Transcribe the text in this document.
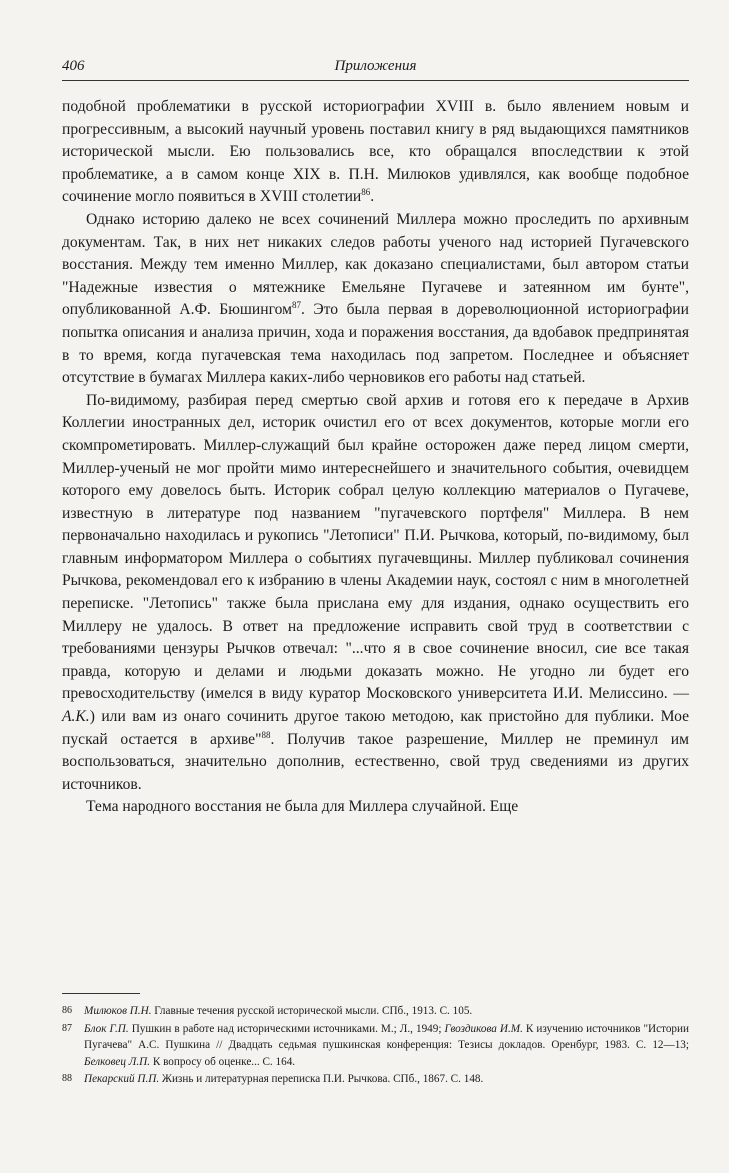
406	Приложения

подобной проблематики в русской историографии XVIII в. было явлением новым и прогрессивным, а высокий научный уровень поставил книгу в ряд выдающихся памятников исторической мысли. Ею пользовались все, кто обращался впоследствии к этой проблематике, а в самом конце XIX в. П.Н. Милюков удивлялся, как вообще подобное сочинение могло появиться в XVIII столетии$^{86}$.

Однако историю далеко не всех сочинений Миллера можно проследить по архивным документам. Так, в них нет никаких следов работы ученого над историей Пугачевского восстания. Между тем именно Миллер, как доказано специалистами, был автором статьи "Надежные известия о мятежнике Емельяне Пугачеве и затеянном им бунте", опубликованной А.Ф. Бюшингом$^{87}$. Это была первая в дореволюционной историографии попытка описания и анализа причин, хода и поражения восстания, да вдобавок предпринятая в то время, когда пугачевская тема находилась под запретом. Последнее и объясняет отсутствие в бумагах Миллера каких-либо черновиков его работы над статьей.

По-видимому, разбирая перед смертью свой архив и готовя его к передаче в Архив Коллегии иностранных дел, историк очистил его от всех документов, которые могли его скомпрометировать. Миллер-служащий был крайне осторожен даже перед лицом смерти, Миллер-ученый не мог пройти мимо интереснейшего и значительного события, очевидцем которого ему довелось быть. Историк собрал целую коллекцию материалов о Пугачеве, известную в литературе под названием "пугачевского портфеля" Миллера. В нем первоначально находилась и рукопись "Летописи" П.И. Рычкова, который, по-видимому, был главным информатором Миллера о событиях пугачевщины. Миллер публиковал сочинения Рычкова, рекомендовал его к избранию в члены Академии наук, состоял с ним в многолетней переписке. "Летопись" также была прислана ему для издания, однако осуществить его Миллеру не удалось. В ответ на предложение исправить свой труд в соответствии с требованиями цензуры Рычков отвечал: "...что я в свое сочинение вносил, сие все такая правда, которую и делами и людьми доказать можно. Не угодно ли будет его превосходительству (имелся в виду куратор Московского университета И.И. Мелиссино. — А.К.) или вам из онаго сочинить другое такою методою, как пристойно для публики. Мое пускай остается в архиве"$^{88}$. Получив такое разрешение, Миллер не преминул им воспользоваться, значительно дополнив, естественно, свой труд сведениями из других источников.

Тема народного восстания не была для Миллера случайной. Еще

86 Милюков П.Н. Главные течения русской исторической мысли. СПб., 1913. С. 105.
87 Блок Г.П. Пушкин в работе над историческими источниками. М.; Л., 1949; Гвоздикова И.М. К изучению источников "Истории Пугачева" А.С. Пушкина // Двадцать седьмая пушкинская конференция: Тезисы докладов. Оренбург, 1983. С. 12—13; Белковец Л.П. К вопросу об оценке... С. 164.
88 Пекарский П.П. Жизнь и литературная переписка П.И. Рычкова. СПб., 1867. С. 148.
